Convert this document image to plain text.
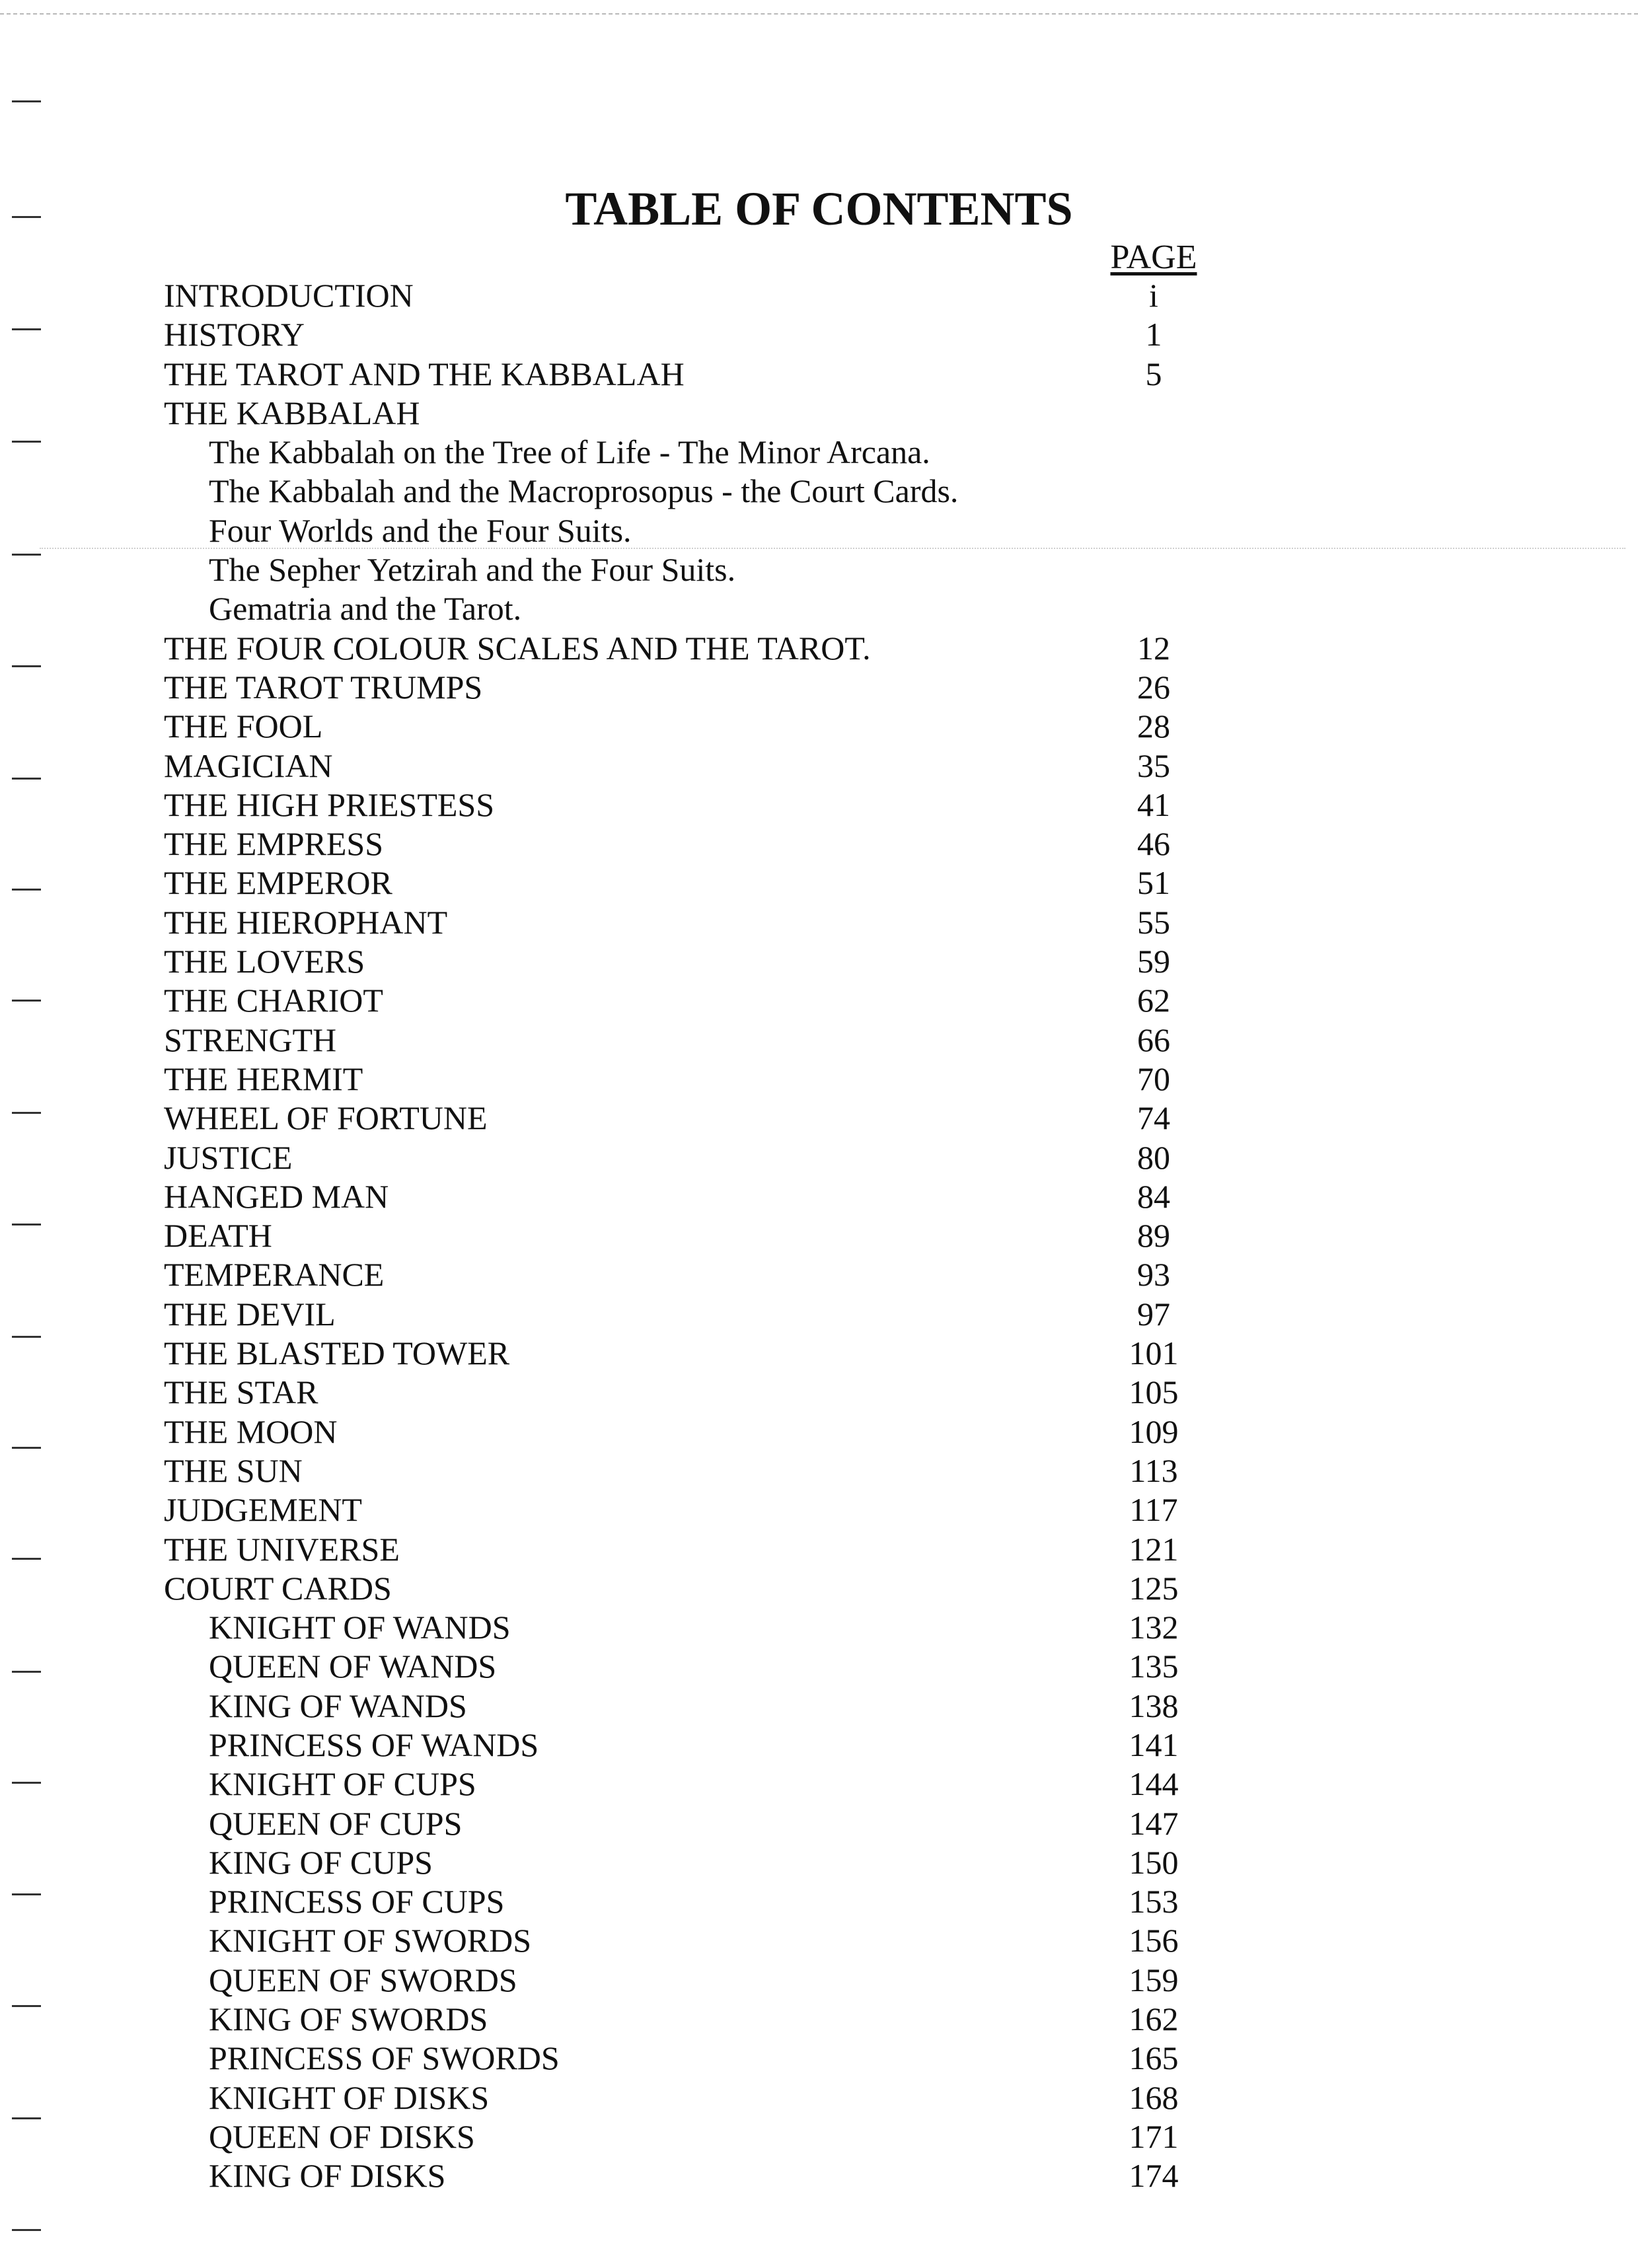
TABLE OF CONTENTS
PAGE
INTRODUCTION	i
HISTORY	1
THE TAROT AND THE KABBALAH	5
THE KABBALAH
The Kabbalah on the Tree of Life - The Minor Arcana.
The Kabbalah and the Macroprosopus - the Court Cards.
Four Worlds and the Four Suits.
The Sepher Yetzirah and the Four Suits.
Gematria and the Tarot.
THE FOUR COLOUR SCALES AND THE TAROT.	12
THE TAROT TRUMPS	26
THE FOOL	28
MAGICIAN	35
THE HIGH PRIESTESS	41
THE EMPRESS	46
THE EMPEROR	51
THE HIEROPHANT	55
THE LOVERS	59
THE CHARIOT	62
STRENGTH	66
THE HERMIT	70
WHEEL OF FORTUNE	74
JUSTICE	80
HANGED MAN	84
DEATH	89
TEMPERANCE	93
THE DEVIL	97
THE BLASTED TOWER	101
THE STAR	105
THE MOON	109
THE SUN	113
JUDGEMENT	117
THE UNIVERSE	121
COURT CARDS	125
KNIGHT OF WANDS	132
QUEEN OF WANDS	135
KING OF WANDS	138
PRINCESS OF WANDS	141
KNIGHT OF CUPS	144
QUEEN OF CUPS	147
KING OF CUPS	150
PRINCESS OF CUPS	153
KNIGHT OF SWORDS	156
QUEEN OF SWORDS	159
KING OF SWORDS	162
PRINCESS OF SWORDS	165
KNIGHT OF DISKS	168
QUEEN OF DISKS	171
KING OF DISKS	174
